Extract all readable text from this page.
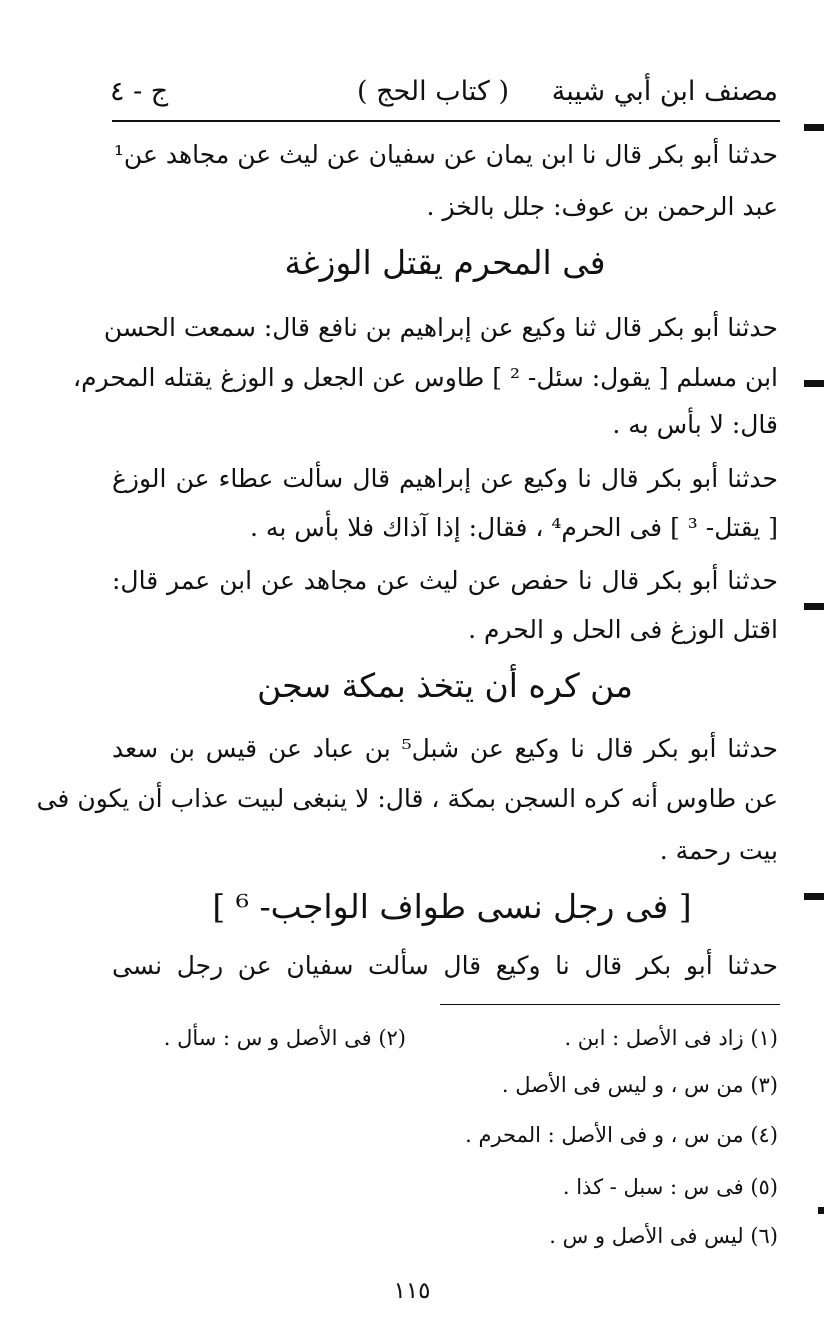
مصنف ابن أبي شيبة
( كتاب الحج )
ج - ٤
حدثنا أبو بكر قال نا ابن يمان عن سفيان عن ليث عن مجاهد عن¹
عبد الرحمن بن عوف: جلل بالخز .
فى المحرم يقتل الوزغة
حدثنا أبو بكر قال ثنا وكيع عن إبراهيم بن نافع قال: سمعت الحسن
ابن مسلم [ يقول: سئل- ² ] طاوس عن الجعل و الوزغ يقتله المحرم،
قال: لا بأس به .
حدثنا أبو بكر قال نا وكيع عن إبراهيم قال سألت عطاء عن الوزغ
[ يقتل- ³ ] فى الحرم⁴ ، فقال: إذا آذاك فلا بأس به .
حدثنا أبو بكر قال نا حفص عن ليث عن مجاهد عن ابن عمر قال:
اقتل الوزغ فى الحل و الحرم .
من كره أن يتخذ بمكة سجن
حدثنا أبو بكر قال نا وكيع عن شبل⁵ بن عباد عن قيس بن سعد
عن طاوس أنه كره السجن بمكة ، قال: لا ينبغى لبيت عذاب أن يكون فى
بيت رحمة .
[ فى رجل نسى طواف الواجب- ⁶ ]
حدثنا أبو بكر قال نا وكيع قال سألت سفيان عن رجل نسى
(١) زاد فى الأصل : ابن .
(٢) فى الأصل و س : سأل .
(٣) من س ، و ليس فى الأصل .
(٤) من س ، و فى الأصل : المحرم .
(٥) فى س : سبل - كذا .
(٦) ليس فى الأصل و س .
١١٥
